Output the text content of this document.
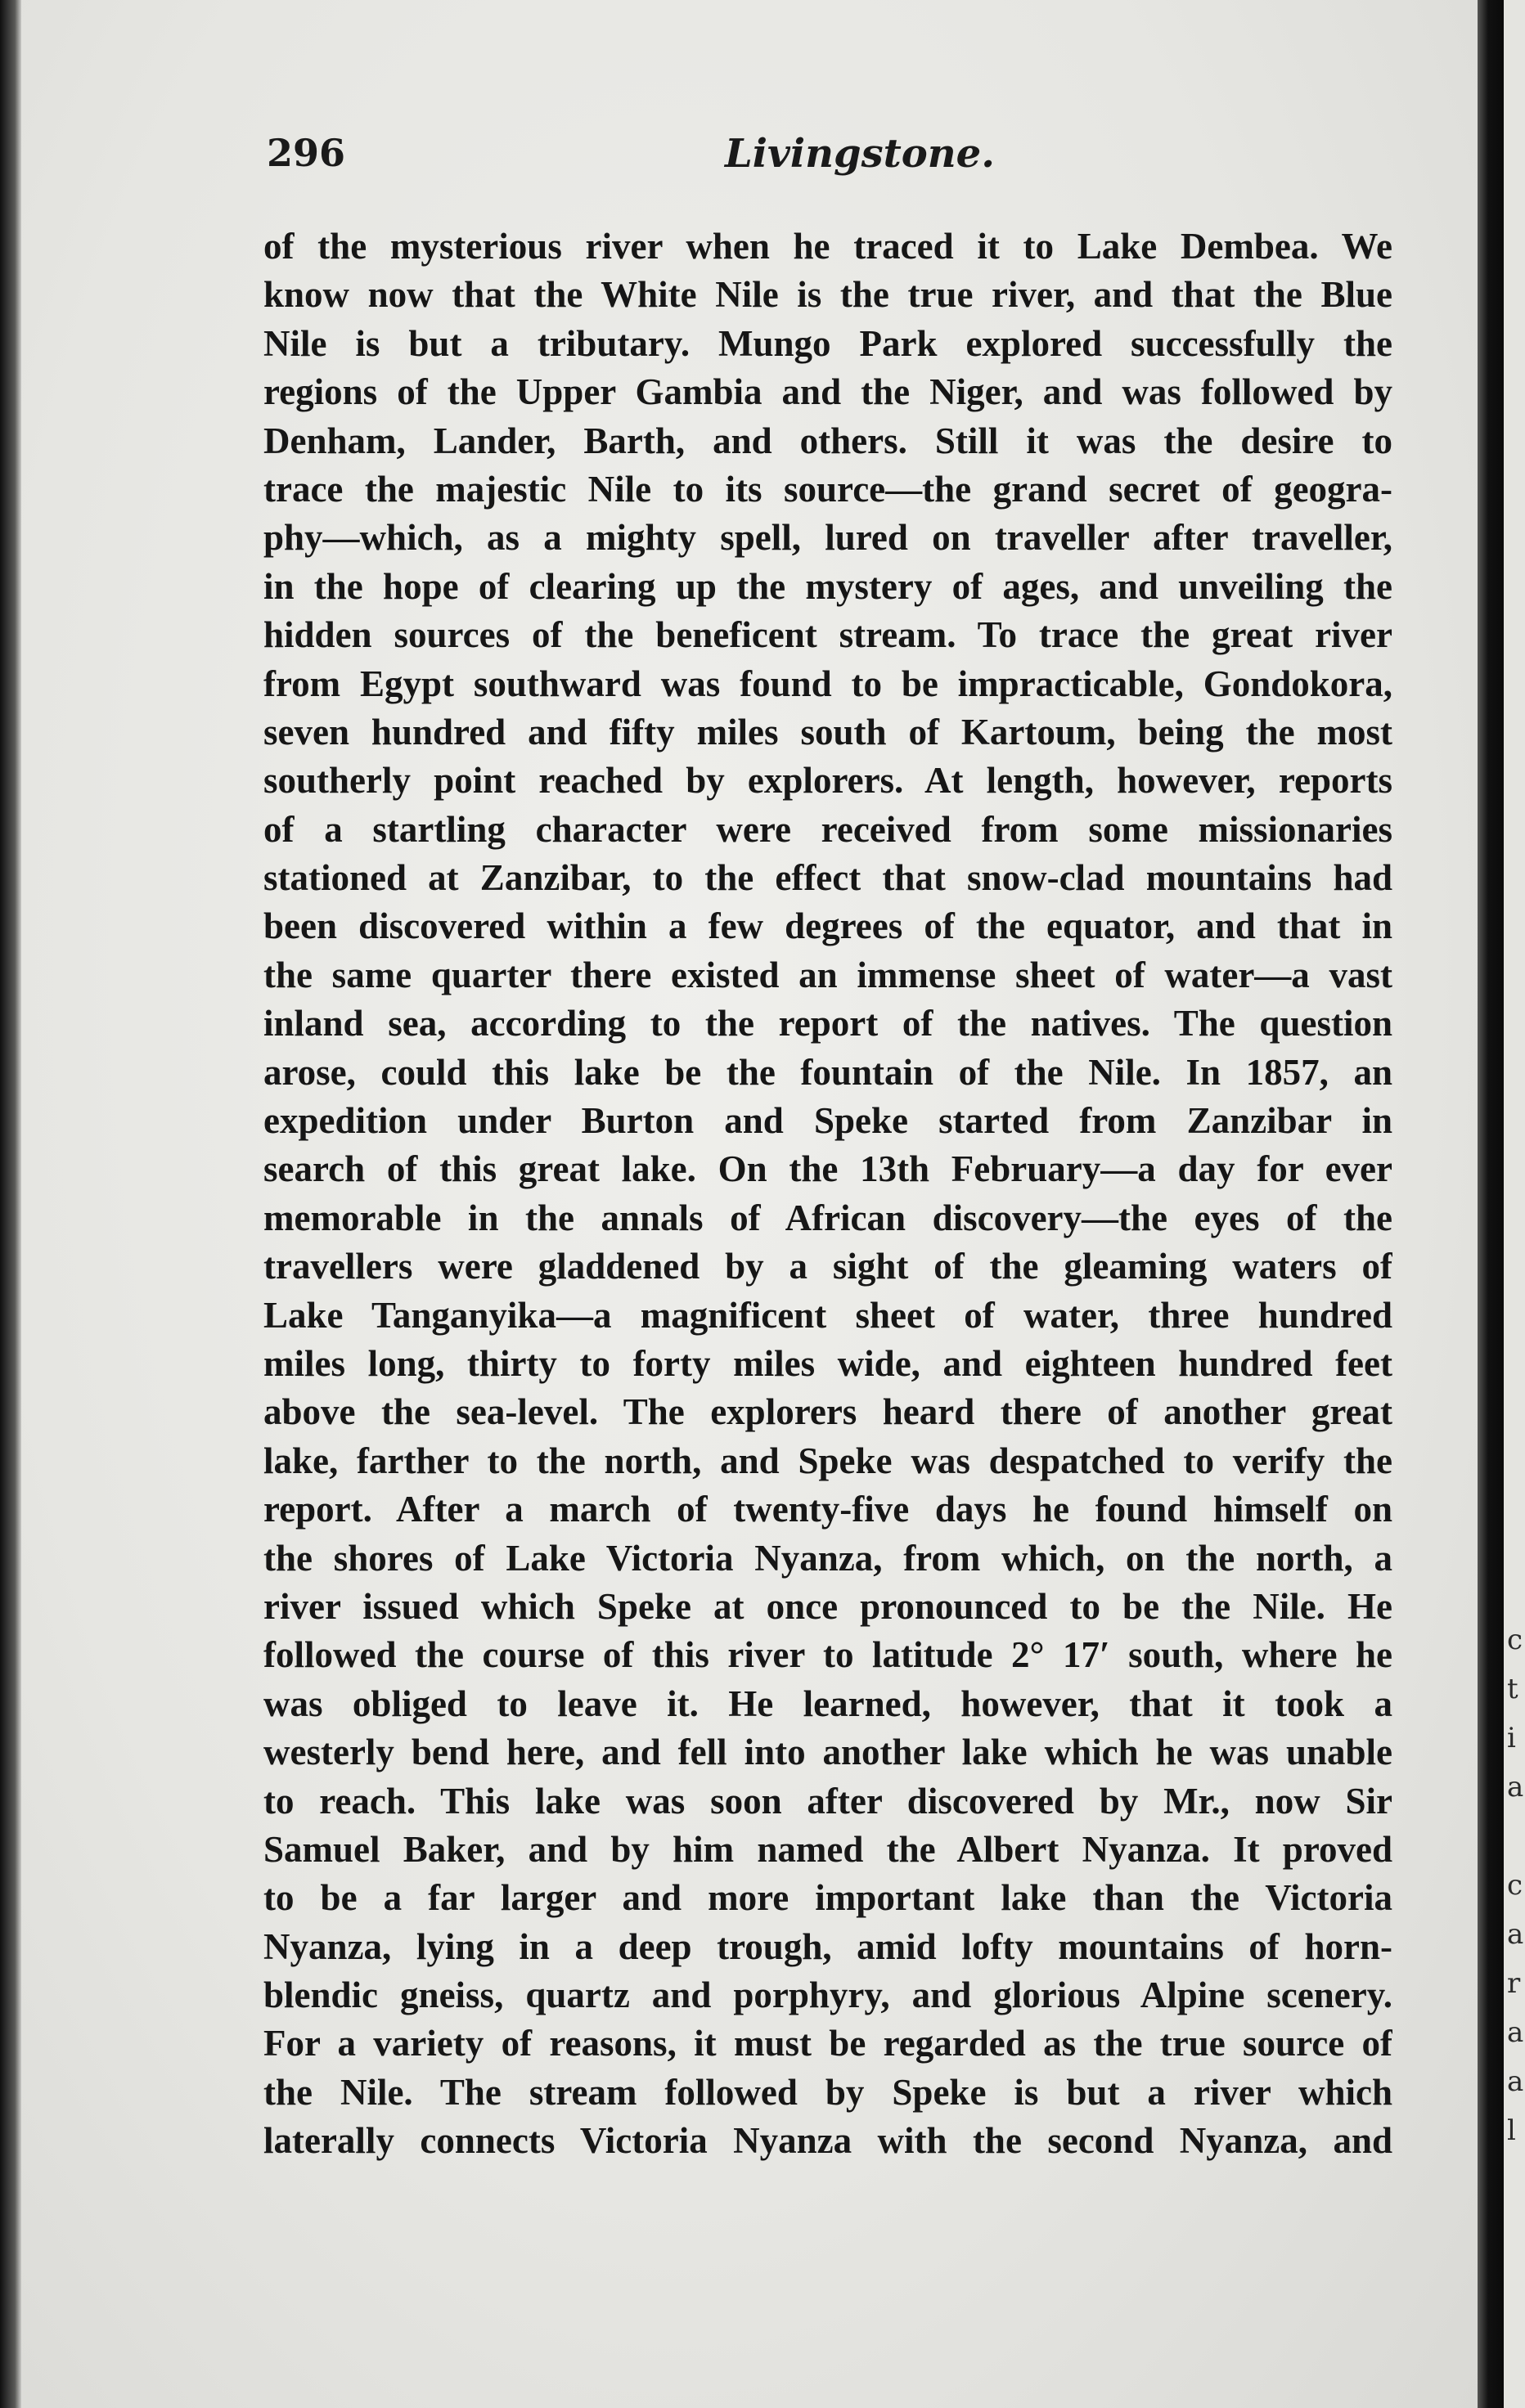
296	Livingstone.
of the mysterious river when he traced it to Lake Dembea. We
know now that the White Nile is the true river, and that the Blue
Nile is but a tributary. Mungo Park explored successfully the
regions of the Upper Gambia and the Niger, and was followed by
Denham, Lander, Barth, and others. Still it was the desire to
trace the majestic Nile to its source—the grand secret of geogra-
phy—which, as a mighty spell, lured on traveller after traveller,
in the hope of clearing up the mystery of ages, and unveiling the
hidden sources of the beneficent stream. To trace the great river
from Egypt southward was found to be impracticable, Gondokora,
seven hundred and fifty miles south of Kartoum, being the most
southerly point reached by explorers. At length, however, reports
of a startling character were received from some missionaries
stationed at Zanzibar, to the effect that snow-clad mountains had
been discovered within a few degrees of the equator, and that in
the same quarter there existed an immense sheet of water—a vast
inland sea, according to the report of the natives. The question
arose, could this lake be the fountain of the Nile. In 1857, an
expedition under Burton and Speke started from Zanzibar in
search of this great lake. On the 13th February—a day for ever
memorable in the annals of African discovery—the eyes of the
travellers were gladdened by a sight of the gleaming waters of
Lake Tanganyika—a magnificent sheet of water, three hundred
miles long, thirty to forty miles wide, and eighteen hundred feet
above the sea-level. The explorers heard there of another great
lake, farther to the north, and Speke was despatched to verify the
report. After a march of twenty-five days he found himself on
the shores of Lake Victoria Nyanza, from which, on the north, a
river issued which Speke at once pronounced to be the Nile. He
followed the course of this river to latitude 2° 17′ south, where he
was obliged to leave it. He learned, however, that it took a
westerly bend here, and fell into another lake which he was unable
to reach. This lake was soon after discovered by Mr., now Sir
Samuel Baker, and by him named the Albert Nyanza. It proved
to be a far larger and more important lake than the Victoria
Nyanza, lying in a deep trough, amid lofty mountains of horn-
blendic gneiss, quartz and porphyry, and glorious Alpine scenery.
For a variety of reasons, it must be regarded as the true source of
the Nile. The stream followed by Speke is but a river which
laterally connects Victoria Nyanza with the second Nyanza, and
c
t
i
a
c
a
r
a
a
l
